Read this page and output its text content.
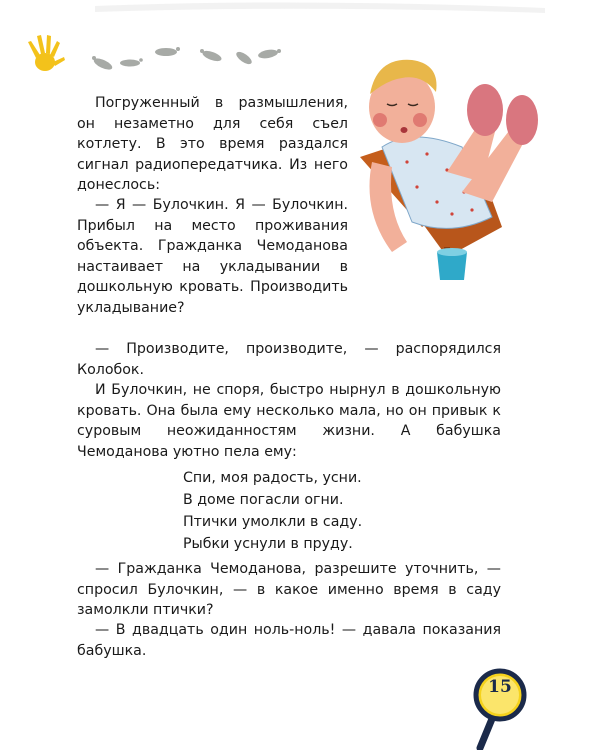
Погруженный в размышления, он незаметно для себя съел котлету. В это время раздался сигнал радиопередатчика. Из него донеслось:

— Я — Булочкин. Я — Булочкин. Прибыл на место проживания объекта. Гражданка Чемоданова настаивает на укладывании в дошкольную кровать. Производить укладывание?

— Производите, производите, — распорядился Колобок.

И Булочкин, не споря, быстро нырнул в дошкольную кровать. Она была ему несколько мала, но он привык к суровым неожиданностям жизни. А бабушка Чемоданова уютно пела ему:

Спи, моя радость, усни.
В доме погасли огни.
Птички умолкли в саду.
Рыбки уснули в пруду.

— Гражданка Чемоданова, разрешите уточнить, — спросил Булочкин, — в какое именно время в саду замолкли птички?

— В двадцать один ноль-ноль! — давала показания бабушка.

15
